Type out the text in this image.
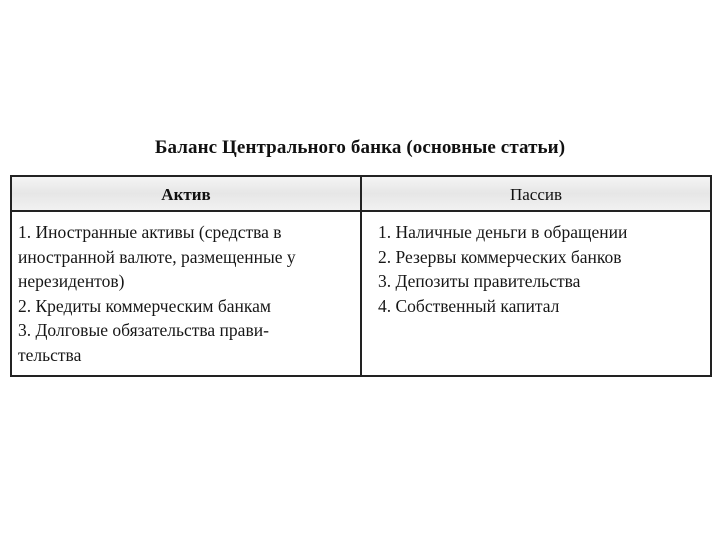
Баланс Центрального банка (основные статьи)
Актив	Пассив
1. Иностранные активы (средства в
иностранной валюте, размещенные у
нерезидентов)
2. Кредиты коммерческим банкам
3. Долговые обязательства прави-
тельства
1. Наличные деньги в обращении
2. Резервы коммерческих банков
3. Депозиты правительства
4. Собственный капитал
